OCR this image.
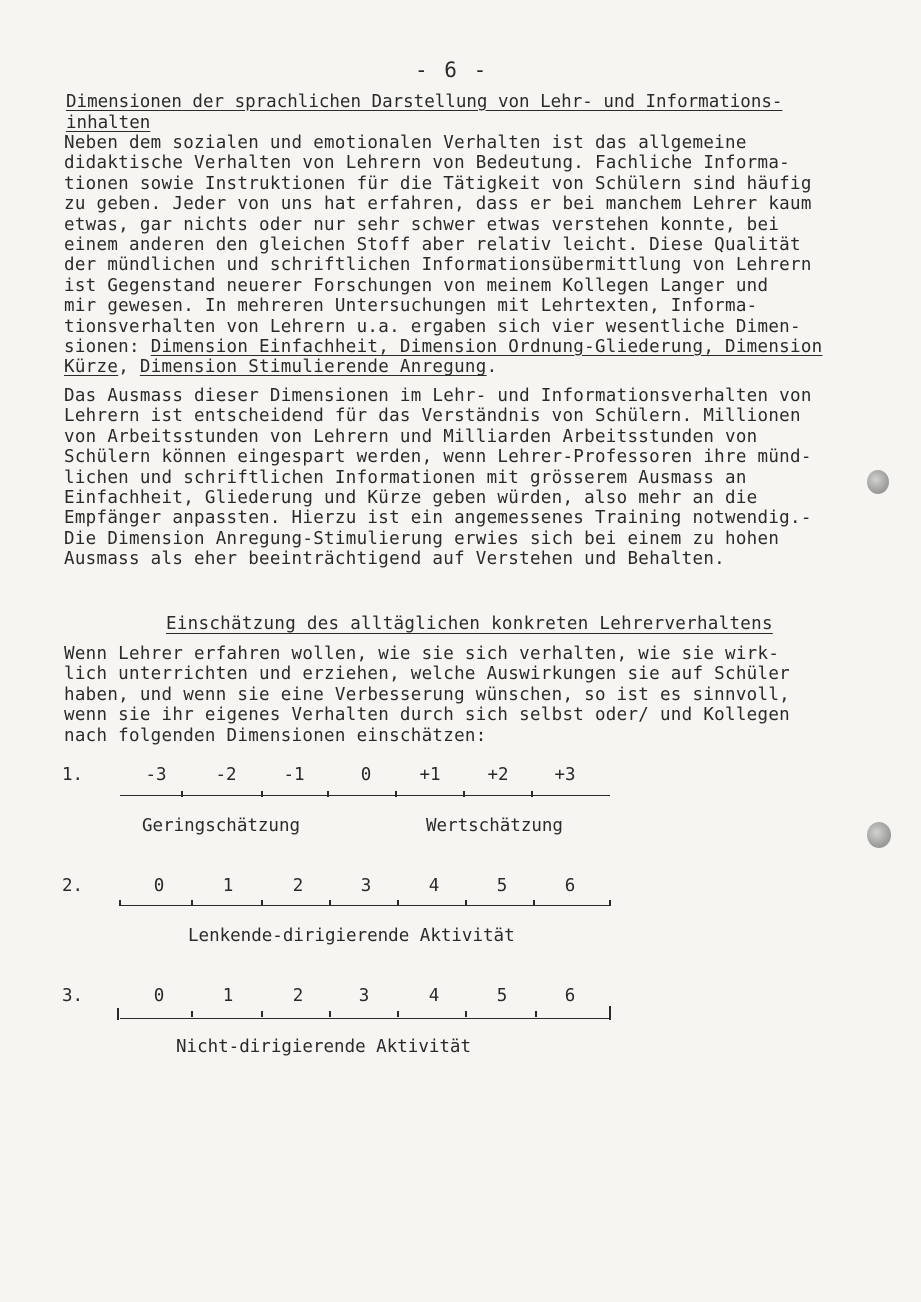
- 6 -
Dimensionen der sprachlichen Darstellung von Lehr- und Informations-
inhalten
Neben dem sozialen und emotionalen Verhalten ist das allgemeine
didaktische Verhalten von Lehrern von Bedeutung. Fachliche Informa-
tionen sowie Instruktionen für die Tätigkeit von Schülern sind häufig
zu geben. Jeder von uns hat erfahren, dass er bei manchem Lehrer kaum
etwas, gar nichts oder nur sehr schwer etwas verstehen konnte, bei
einem anderen den gleichen Stoff aber relativ leicht. Diese Qualität
der mündlichen und schriftlichen Informationsübermittlung von Lehrern
ist Gegenstand neuerer Forschungen von meinem Kollegen Langer und
mir gewesen. In mehreren Untersuchungen mit Lehrtexten, Informa-
tionsverhalten von Lehrern u.a. ergaben sich vier wesentliche Dimen-
sionen: Dimension Einfachheit, Dimension Ordnung-Gliederung, Dimension
Kürze, Dimension Stimulierende Anregung.
Das Ausmass dieser Dimensionen im Lehr- und Informationsverhalten von
Lehrern ist entscheidend für das Verständnis von Schülern. Millionen
von Arbeitsstunden von Lehrern und Milliarden Arbeitsstunden von
Schülern können eingespart werden, wenn Lehrer-Professoren ihre münd-
lichen und schriftlichen Informationen mit grösserem Ausmass an
Einfachheit, Gliederung und Kürze geben würden, also mehr an die
Empfänger anpassten. Hierzu ist ein angemessenes Training notwendig.-
Die Dimension Anregung-Stimulierung erwies sich bei einem zu hohen
Ausmass als eher beeinträchtigend auf Verstehen und Behalten.
Einschätzung des alltäglichen konkreten Lehrerverhaltens
Wenn Lehrer erfahren wollen, wie sie sich verhalten, wie sie wirk-
lich unterrichten und erziehen, welche Auswirkungen sie auf Schüler
haben, und wenn sie eine Verbesserung wünschen, so ist es sinnvoll,
wenn sie ihr eigenes Verhalten durch sich selbst oder/ und Kollegen
nach folgenden Dimensionen einschätzen:
1.	-3	-2	-1	0	+1	+2	+3
Geringschätzung	Wertschätzung
2.	0	1	2	3	4	5	6
Lenkende-dirigierende Aktivität
3.	0	1	2	3	4	5	6
Nicht-dirigierende Aktivität
